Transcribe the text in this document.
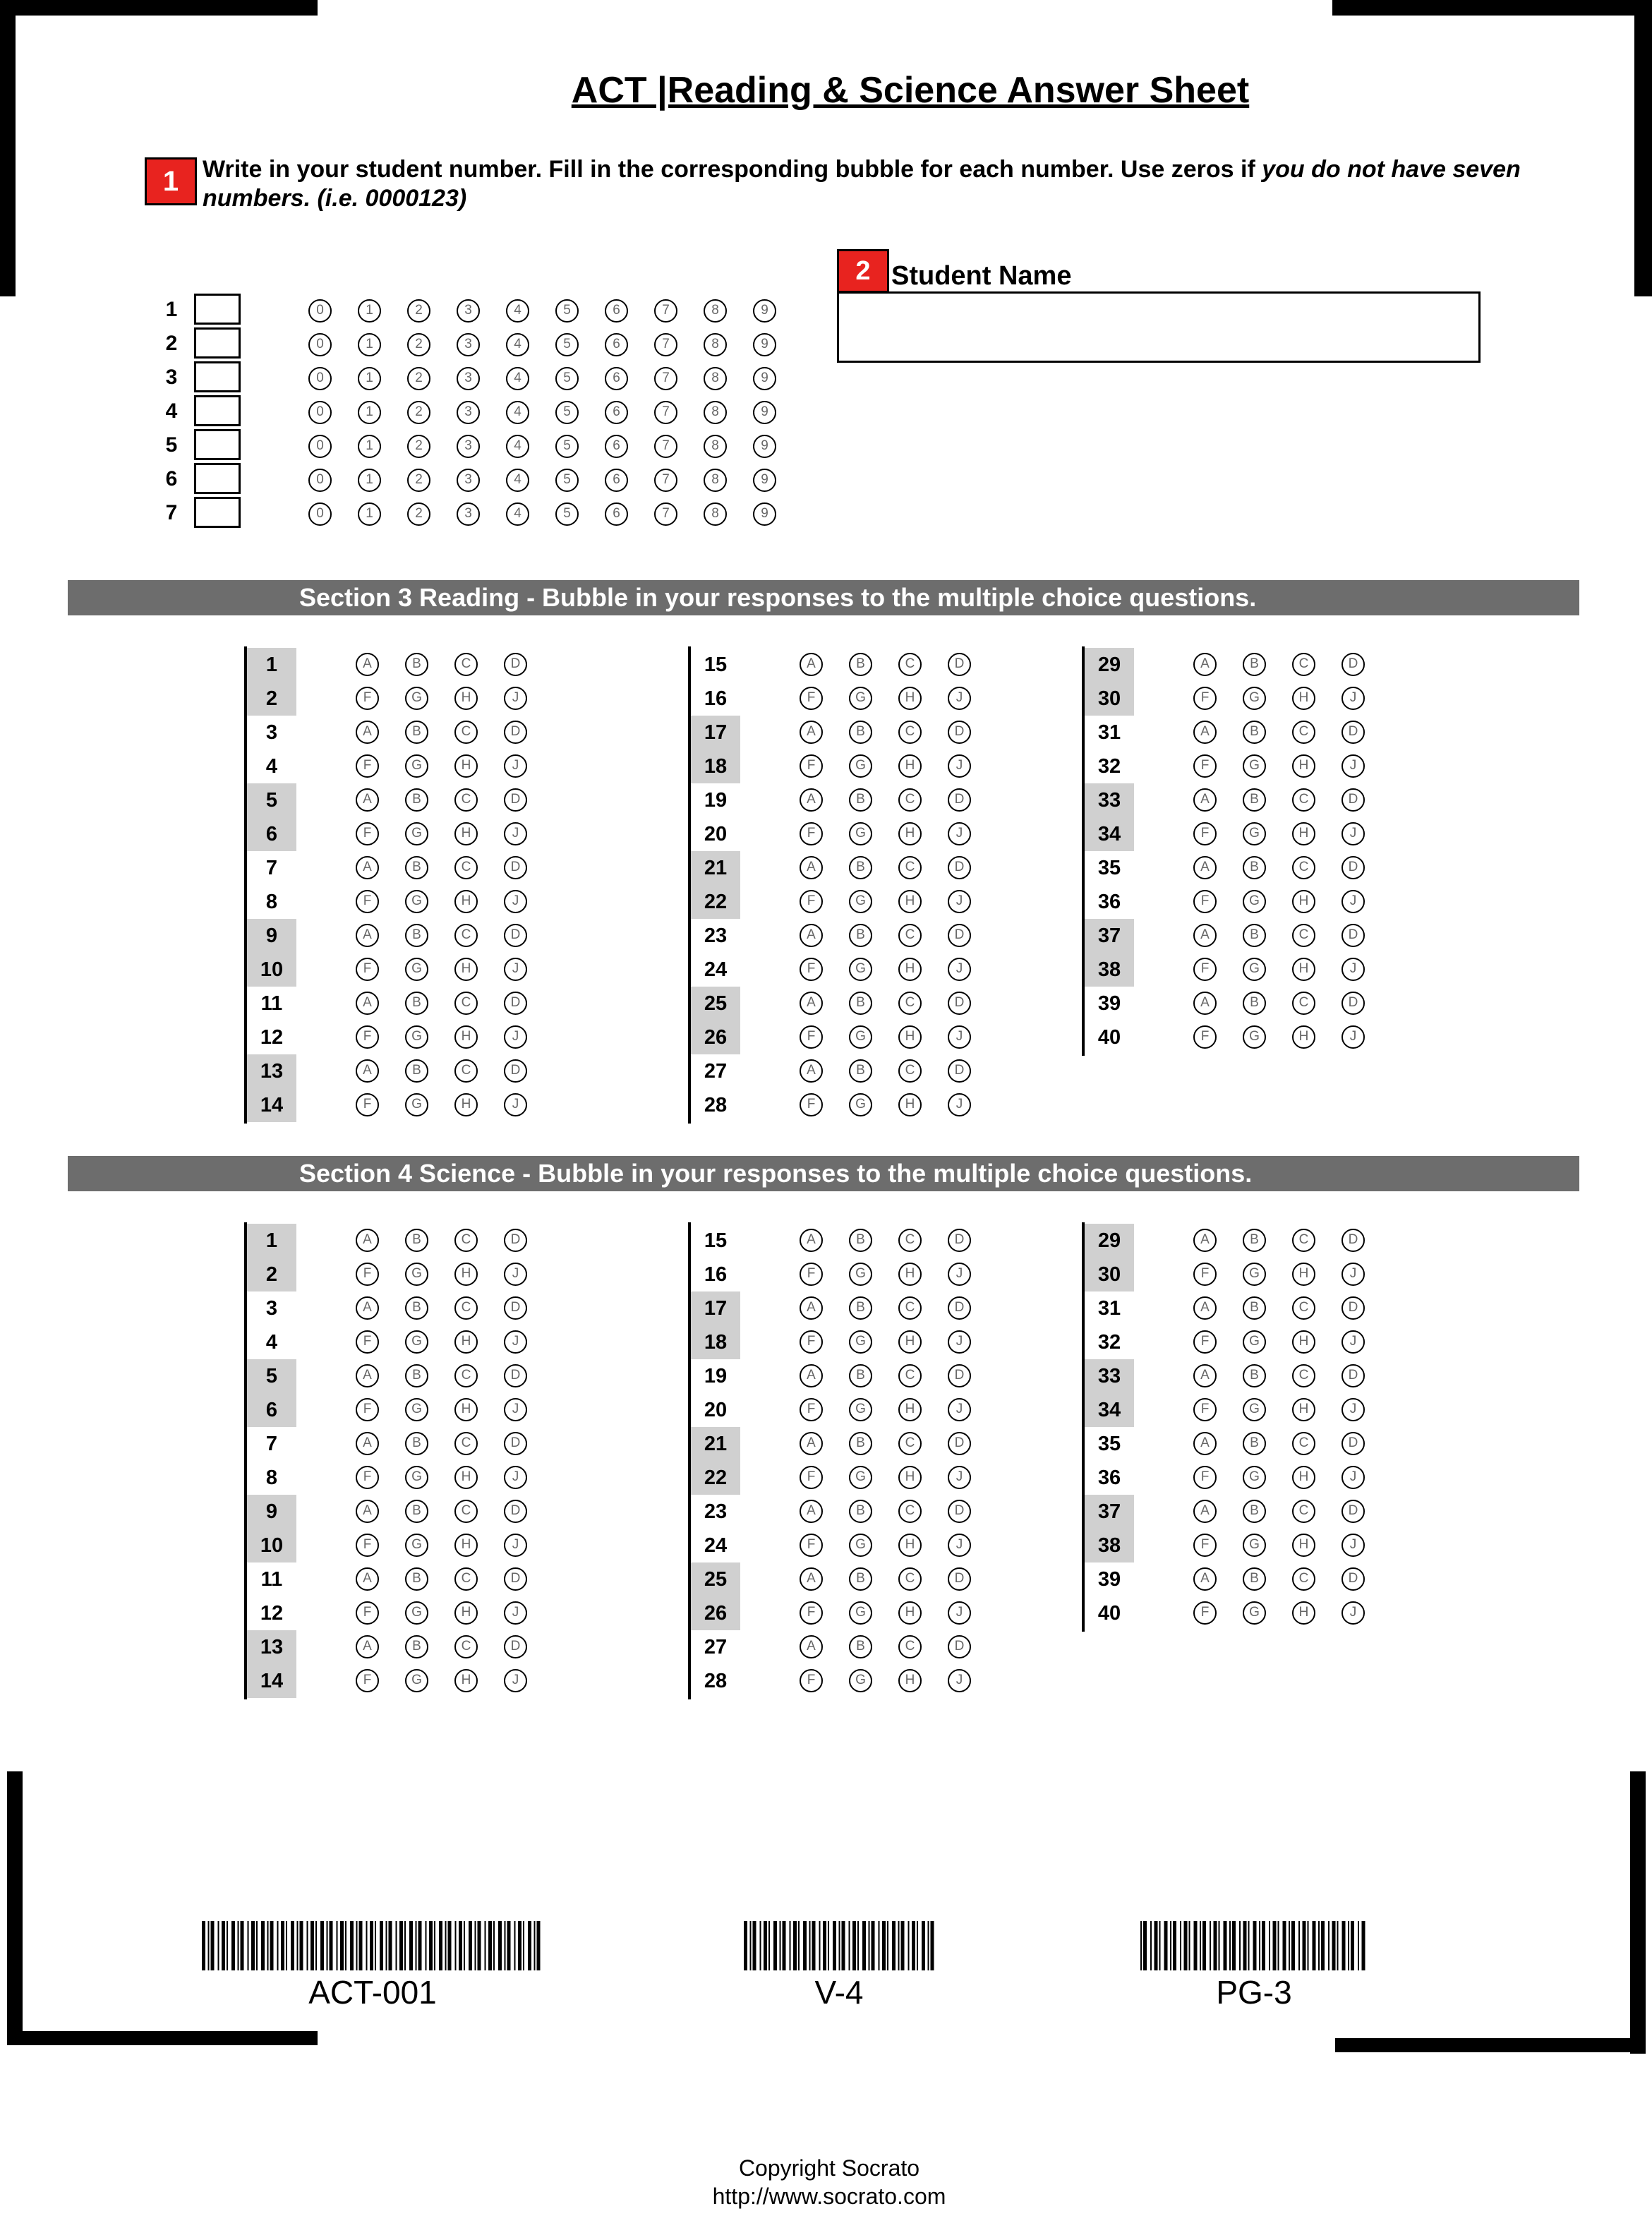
ACT |Reading & Science Answer Sheet
1 Write in your student number. Fill in the corresponding bubble for each number. Use zeros if you do not have seven numbers. (i.e. 0000123)
1	0	1	2	3	4	5	6	7	8	9
2	0	1	2	3	4	5	6	7	8	9
3	0	1	2	3	4	5	6	7	8	9
4	0	1	2	3	4	5	6	7	8	9
5	0	1	2	3	4	5	6	7	8	9
6	0	1	2	3	4	5	6	7	8	9
7	0	1	2	3	4	5	6	7	8	9
2 Student Name
Section 3 Reading - Bubble in your responses to the multiple choice questions.
1	A	B	C	D
2	F	G	H	J
3	A	B	C	D
4	F	G	H	J
5	A	B	C	D
6	F	G	H	J
7	A	B	C	D
8	F	G	H	J
9	A	B	C	D
10	F	G	H	J
11	A	B	C	D
12	F	G	H	J
13	A	B	C	D
14	F	G	H	J
15	A	B	C	D
16	F	G	H	J
17	A	B	C	D
18	F	G	H	J
19	A	B	C	D
20	F	G	H	J
21	A	B	C	D
22	F	G	H	J
23	A	B	C	D
24	F	G	H	J
25	A	B	C	D
26	F	G	H	J
27	A	B	C	D
28	F	G	H	J
29	A	B	C	D
30	F	G	H	J
31	A	B	C	D
32	F	G	H	J
33	A	B	C	D
34	F	G	H	J
35	A	B	C	D
36	F	G	H	J
37	A	B	C	D
38	F	G	H	J
39	A	B	C	D
40	F	G	H	J
Section 4 Science - Bubble in your responses to the multiple choice questions.
1	A	B	C	D
2	F	G	H	J
3	A	B	C	D
4	F	G	H	J
5	A	B	C	D
6	F	G	H	J
7	A	B	C	D
8	F	G	H	J
9	A	B	C	D
10	F	G	H	J
11	A	B	C	D
12	F	G	H	J
13	A	B	C	D
14	F	G	H	J
15	A	B	C	D
16	F	G	H	J
17	A	B	C	D
18	F	G	H	J
19	A	B	C	D
20	F	G	H	J
21	A	B	C	D
22	F	G	H	J
23	A	B	C	D
24	F	G	H	J
25	A	B	C	D
26	F	G	H	J
27	A	B	C	D
28	F	G	H	J
29	A	B	C	D
30	F	G	H	J
31	A	B	C	D
32	F	G	H	J
33	A	B	C	D
34	F	G	H	J
35	A	B	C	D
36	F	G	H	J
37	A	B	C	D
38	F	G	H	J
39	A	B	C	D
40	F	G	H	J
ACT-001	V-4	PG-3
Copyright Socrato
http://www.socrato.com
